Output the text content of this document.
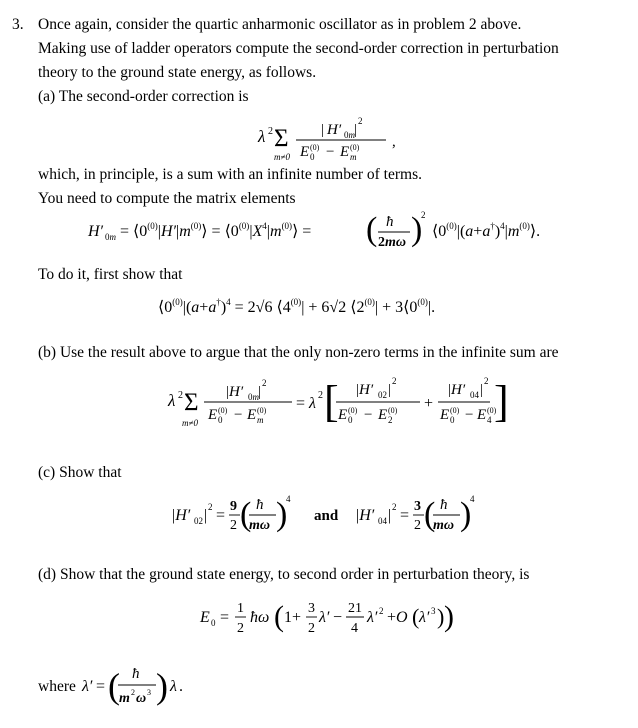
3. Once again, consider the quartic anharmonic oscillator as in problem 2 above.
Making use of ladder operators compute the second-order correction in perturbation
theory to the ground state energy, as follows.
(a) The second-order correction is
λ 2 Σ
m≠0
| H′ 0m |
2
E (0)
0 − E (0)
m
,
which, in principle, is a sum with an infinite number of terms.
You need to compute the matrix elements
H′ $0m = ⟨0^{(0)}|H'|m^{(0)}⟩$ = $⟨0^{(0)}|X^4|m^{(0)}⟩$ = ( ħ
2mω )
2
$⟨0^{(0)}|(a+a^\dagger)^4|m^{(0)}⟩$.
To do it, first show that
$⟨0^{(0)}|(a+a^\dagger)^4 = 2√6$ $⟨4^{(0)}| + 6√2$ $⟨2^{(0)}|$ + $3⟨0^{(0)}|$.
(b) Use the result above to argue that the only non-zero terms in the infinite sum are
λ 2 Σ
m≠0
|H′ 0m |
2
E (0)
0 − E (0)
m
= λ 2 [ |H′ 02 |
2
E (0)
0 − E (0)
2
+
|H′ 04 |
2
E (0)
0 − E (0)
4 ]
(c) Show that
|H′ 02 | 2 =
9
2 ( ħ
mω )
4
and |H′ 04 | 2 =
3
2 ( ħ
mω )
4
(d) Show that the ground state energy, to second order in perturbation theory, is
E 0 =
1
2
ħω ( 1+
3
2
λ′ −
21
4
λ′ 2 +O ( λ′ 3 ) )
where λ′ = ( ħ
m 2 ω 3 ) λ .
